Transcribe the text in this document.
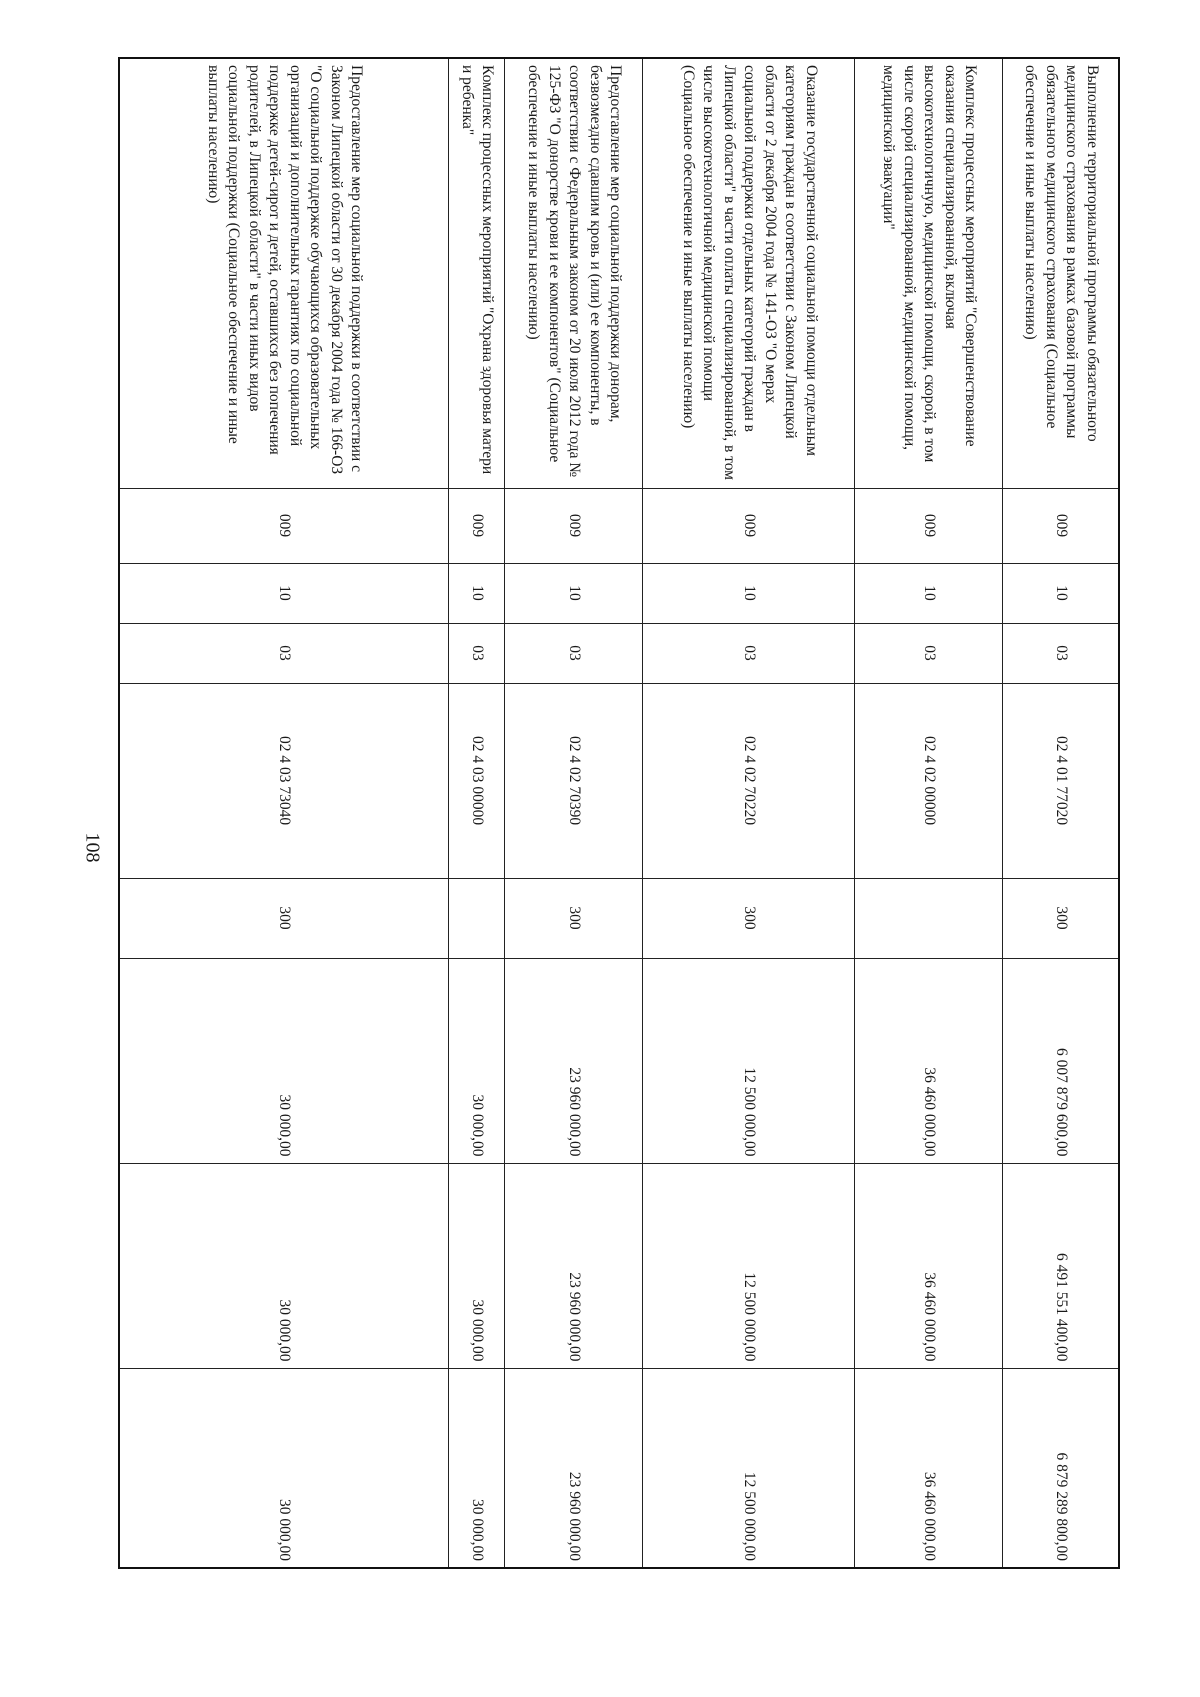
108
Выполнение территориальной программы обязательного медицинского страхования в рамках базовой программы обязательного медицинского страхования (Социальное обеспечение и иные выплаты населению)	009	10	03	02 4 01 77020	300	6 007 879 600,00	6 491 551 400,00	6 879 289 800,00
Комплекс процессных мероприятий "Совершенствование оказания специализированной, включая высокотехнологичную, медицинской помощи, скорой, в том числе скорой специализированной, медицинской помощи, медицинской эвакуации"	009	10	03	02 4 02 00000		36 460 000,00	36 460 000,00	36 460 000,00
Оказание государственной социальной помощи отдельным категориям граждан в соответствии с Законом Липецкой области от 2 декабря 2004 года № 141-ОЗ "О мерах социальной поддержки отдельных категорий граждан в Липецкой области" в части оплаты специализированной, в том числе высокотехнологичной медицинской помощи (Социальное обеспечение и иные выплаты населению)	009	10	03	02 4 02 70220	300	12 500 000,00	12 500 000,00	12 500 000,00
Предоставление мер социальной поддержки донорам, безвозмездно сдавшим кровь и (или) ее компоненты, в соответствии с Федеральным законом от 20 июля 2012 года № 125-ФЗ "О донорстве крови и ее компонентов" (Социальное обеспечение и иные выплаты населению)	009	10	03	02 4 02 70390	300	23 960 000,00	23 960 000,00	23 960 000,00
Комплекс процессных мероприятий "Охрана здоровья матери и ребенка"	009	10	03	02 4 03 00000		30 000,00	30 000,00	30 000,00
Предоставление мер социальной поддержки в соответствии с Законом Липецкой области от 30 декабря 2004 года № 166-ОЗ "О социальной поддержке обучающихся образовательных организаций и дополнительных гарантиях по социальной поддержке детей-сирот и детей, оставшихся без попечения родителей, в Липецкой области" в части иных видов социальной поддержки (Социальное обеспечение и иные выплаты населению)	009	10	03	02 4 03 73040	300	30 000,00	30 000,00	30 000,00
